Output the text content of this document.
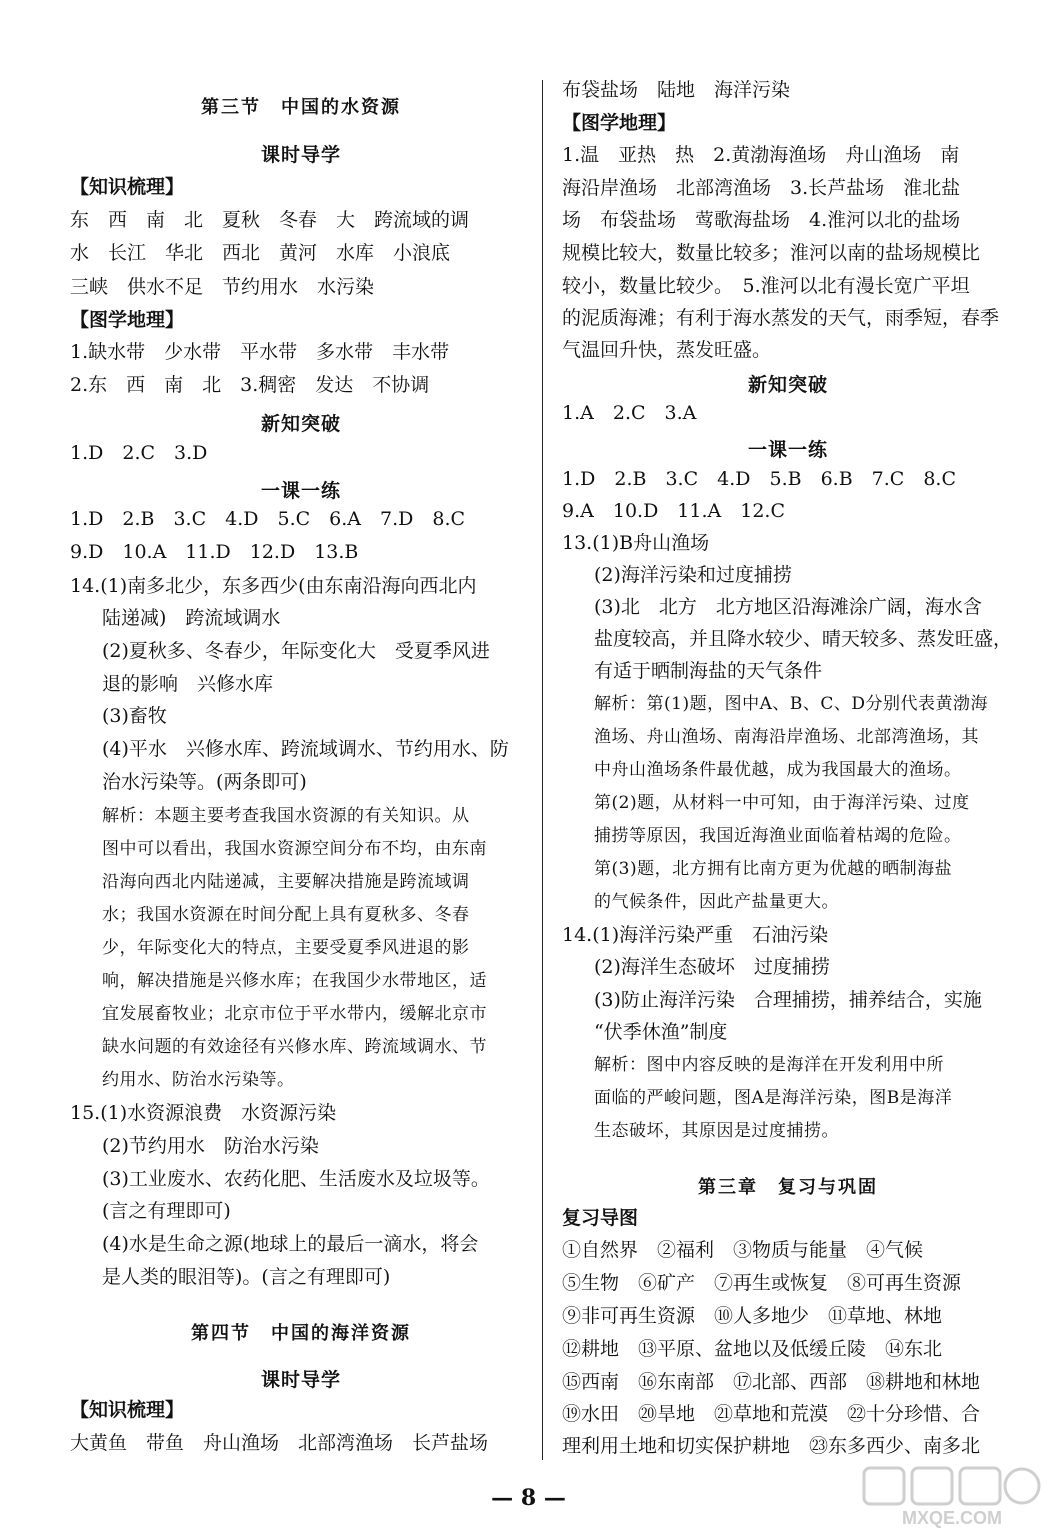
第三节　中国的水资源
课时导学
【知识梳理】
东　西　南　北　夏秋　冬春　大　跨流域的调
水　长江　华北　西北　黄河　水库　小浪底
三峡　供水不足　节约用水　水污染
【图学地理】
1.缺水带　少水带　平水带　多水带　丰水带
2.东　西　南　北　3.稠密　发达　不协调
新知突破
1.D　2.C　3.D
一课一练
1.D　2.B　3.C　4.D　5.C　6.A　7.D　8.C
9.D　10.A　11.D　12.D　13.B
14.(1)南多北少，东多西少(由东南沿海向西北内
陆递减)　跨流域调水
(2)夏秋多、冬春少，年际变化大　受夏季风进
退的影响　兴修水库
(3)畜牧
(4)平水　兴修水库、跨流域调水、节约用水、防
治水污染等。(两条即可)
解析：本题主要考查我国水资源的有关知识。从
图中可以看出，我国水资源空间分布不均，由东南
沿海向西北内陆递减，主要解决措施是跨流域调
水；我国水资源在时间分配上具有夏秋多、冬春
少，年际变化大的特点，主要受夏季风进退的影
响，解决措施是兴修水库；在我国少水带地区，适
宜发展畜牧业；北京市位于平水带内，缓解北京市
缺水问题的有效途径有兴修水库、跨流域调水、节
约用水、防治水污染等。
15.(1)水资源浪费　水资源污染
(2)节约用水　防治水污染
(3)工业废水、农药化肥、生活废水及垃圾等。
(言之有理即可)
(4)水是生命之源(地球上的最后一滴水，将会
是人类的眼泪等)。(言之有理即可)
第四节　中国的海洋资源
课时导学
【知识梳理】
大黄鱼　带鱼　舟山渔场　北部湾渔场　长芦盐场
布袋盐场　陆地　海洋污染
【图学地理】
1.温　亚热　热　2.黄渤海渔场　舟山渔场　南
海沿岸渔场　北部湾渔场　3.长芦盐场　淮北盐
场　布袋盐场　莺歌海盐场　4.淮河以北的盐场
规模比较大，数量比较多；淮河以南的盐场规模比
较小，数量比较少。　5.淮河以北有漫长宽广平坦
的泥质海滩；有利于海水蒸发的天气，雨季短，春季
气温回升快，蒸发旺盛。
新知突破
1.A　2.C　3.A
一课一练
1.D　2.B　3.C　4.D　5.B　6.B　7.C　8.C
9.A　10.D　11.A　12.C
13.(1)B舟山渔场
(2)海洋污染和过度捕捞
(3)北　北方　北方地区沿海滩涂广阔，海水含
盐度较高，并且降水较少、晴天较多、蒸发旺盛，
有适于晒制海盐的天气条件
解析：第(1)题，图中A、B、C、D分别代表黄渤海
渔场、舟山渔场、南海沿岸渔场、北部湾渔场，其
中舟山渔场条件最优越，成为我国最大的渔场。
第(2)题，从材料一中可知，由于海洋污染、过度
捕捞等原因，我国近海渔业面临着枯竭的危险。
第(3)题，北方拥有比南方更为优越的晒制海盐
的气候条件，因此产盐量更大。
14.(1)海洋污染严重　石油污染
(2)海洋生态破坏　过度捕捞
(3)防止海洋污染　合理捕捞，捕养结合，实施
“伏季休渔”制度
解析：图中内容反映的是海洋在开发利用中所
面临的严峻问题，图A是海洋污染，图B是海洋
生态破坏，其原因是过度捕捞。
第三章　复习与巩固
复习导图
①自然界　②福利　③物质与能量　④气候
⑤生物　⑥矿产　⑦再生或恢复　⑧可再生资源
⑨非可再生资源　⑩人多地少　⑪草地、林地
⑫耕地　⑬平原、盆地以及低缓丘陵　⑭东北
⑮西南　⑯东南部　⑰北部、西部　⑱耕地和林地
⑲水田　⑳旱地　㉑草地和荒漠　㉒十分珍惜、合
理利用土地和切实保护耕地　㉓东多西少、南多北
— 8 —
MXQE.COM
